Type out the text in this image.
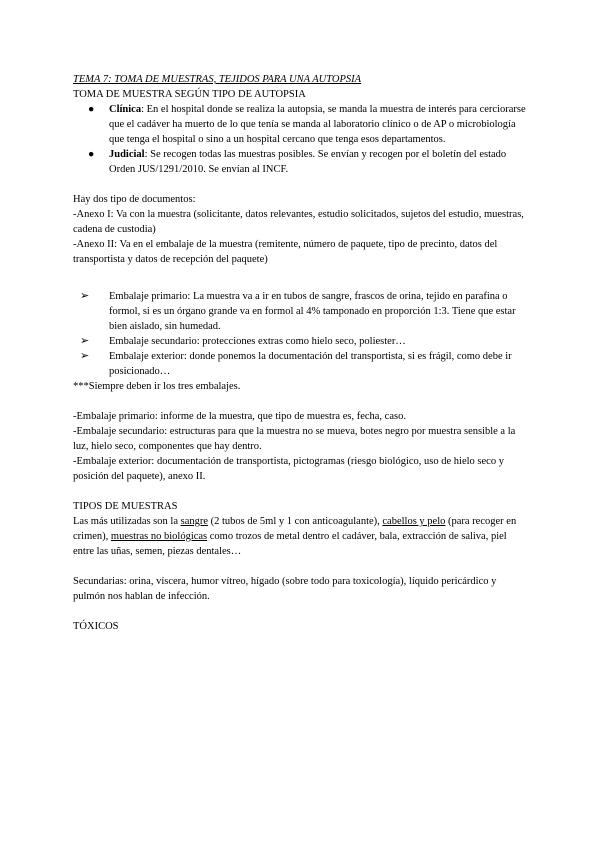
TEMA 7: TOMA DE MUESTRAS, TEJIDOS PARA UNA AUTOPSIA

TOMA DE MUESTRA SEGÚN TIPO DE AUTOPSIA

● Clínica: En el hospital donde se realiza la autopsia, se manda la muestra de interés para cerciorarse que el cadáver ha muerto de lo que tenía se manda al laboratorio clínico o de AP o microbiología que tenga el hospital o sino a un hospital cercano que tenga esos departamentos.
● Judicial: Se recogen todas las muestras posibles. Se envían y recogen por el boletín del estado Orden JUS/1291/2010. Se envían al INCF.

Hay dos tipo de documentos:

-Anexo I: Va con la muestra (solicitante, datos relevantes, estudio solicitados, sujetos del estudio, muestras, cadena de custodia)

-Anexo II: Va en el embalaje de la muestra (remitente, número de paquete, tipo de precinto, datos del transportista y datos de recepción del paquete)

➢ Embalaje primario: La muestra va a ir en tubos de sangre, frascos de orina, tejido en parafina o formol, si es un órgano grande va en formol al 4% tamponado en proporción 1:3. Tiene que estar bien aislado, sin humedad.
➢ Embalaje secundario: protecciones extras como hielo seco, poliester…
➢ Embalaje exterior: donde ponemos la documentación del transportista, si es frágil, como debe ir posicionado…

***Siempre deben ir los tres embalajes.

-Embalaje primario: informe de la muestra, que tipo de muestra es, fecha, caso.

-Embalaje secundario: estructuras para que la muestra no se mueva, botes negro por muestra sensible a la luz, hielo seco, componentes que hay dentro.

-Embalaje exterior: documentación de transportista, pictogramas (riesgo biológico, uso de hielo seco y posición del paquete), anexo II.

TIPOS DE MUESTRAS

Las más utilizadas son la sangre (2 tubos de 5ml y 1 con anticoagulante), cabellos y pelo (para recoger en crimen), muestras no biológicas como trozos de metal dentro el cadáver, bala, extracción de saliva, piel entre las uñas, semen, piezas dentales…

Secundarias: orina, víscera, humor vítreo, hígado (sobre todo para toxicología), líquido pericárdico y pulmón nos hablan de infección.

TÓXICOS
